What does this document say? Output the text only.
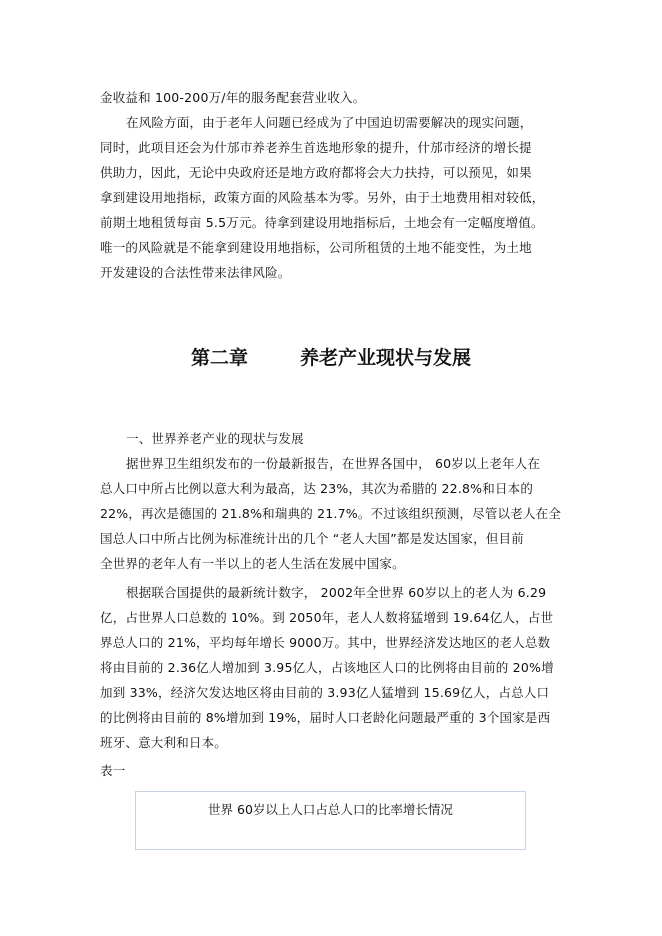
金收益和 100-200万/年的服务配套营业收入。
在风险方面，由于老年人问题已经成为了中国迫切需要解决的现实问题，
同时，此项目还会为什邡市养老养生首选地形象的提升，什邡市经济的增长提
供助力，因此，无论中央政府还是地方政府都将会大力扶持，可以预见，如果
拿到建设用地指标，政策方面的风险基本为零。另外，由于土地费用相对较低，
前期土地租赁每亩 5.5万元。待拿到建设用地指标后，土地会有一定幅度增值。
唯一的风险就是不能拿到建设用地指标，公司所租赁的土地不能变性，为土地
开发建设的合法性带来法律风险。
第二章	养老产业现状与发展
一、世界养老产业的现状与发展
据世界卫生组织发布的一份最新报告，在世界各国中， 60岁以上老年人在
总人口中所占比例以意大利为最高，达 23%，其次为希腊的 22.8%和日本的
22%，再次是德国的 21.8%和瑞典的 21.7%。不过该组织预测，尽管以老人在全
国总人口中所占比例为标准统计出的几个 “老人大国”都是发达国家，但目前
全世界的老年人有一半以上的老人生活在发展中国家。
根据联合国提供的最新统计数字， 2002年全世界 60岁以上的老人为 6.29
亿，占世界人口总数的 10%。到 2050年，老人人数将猛增到 19.64亿人，占世
界总人口的 21%，平均每年增长 9000万。其中，世界经济发达地区的老人总数
将由目前的 2.36亿人增加到 3.95亿人，占该地区人口的比例将由目前的 20%增
加到 33%，经济欠发达地区将由目前的 3.93亿人猛增到 15.69亿人，占总人口
的比例将由目前的 8%增加到 19%，届时人口老龄化问题最严重的 3个国家是西
班牙、意大利和日本。
表一
世界 60岁以上人口占总人口的比率增长情况
